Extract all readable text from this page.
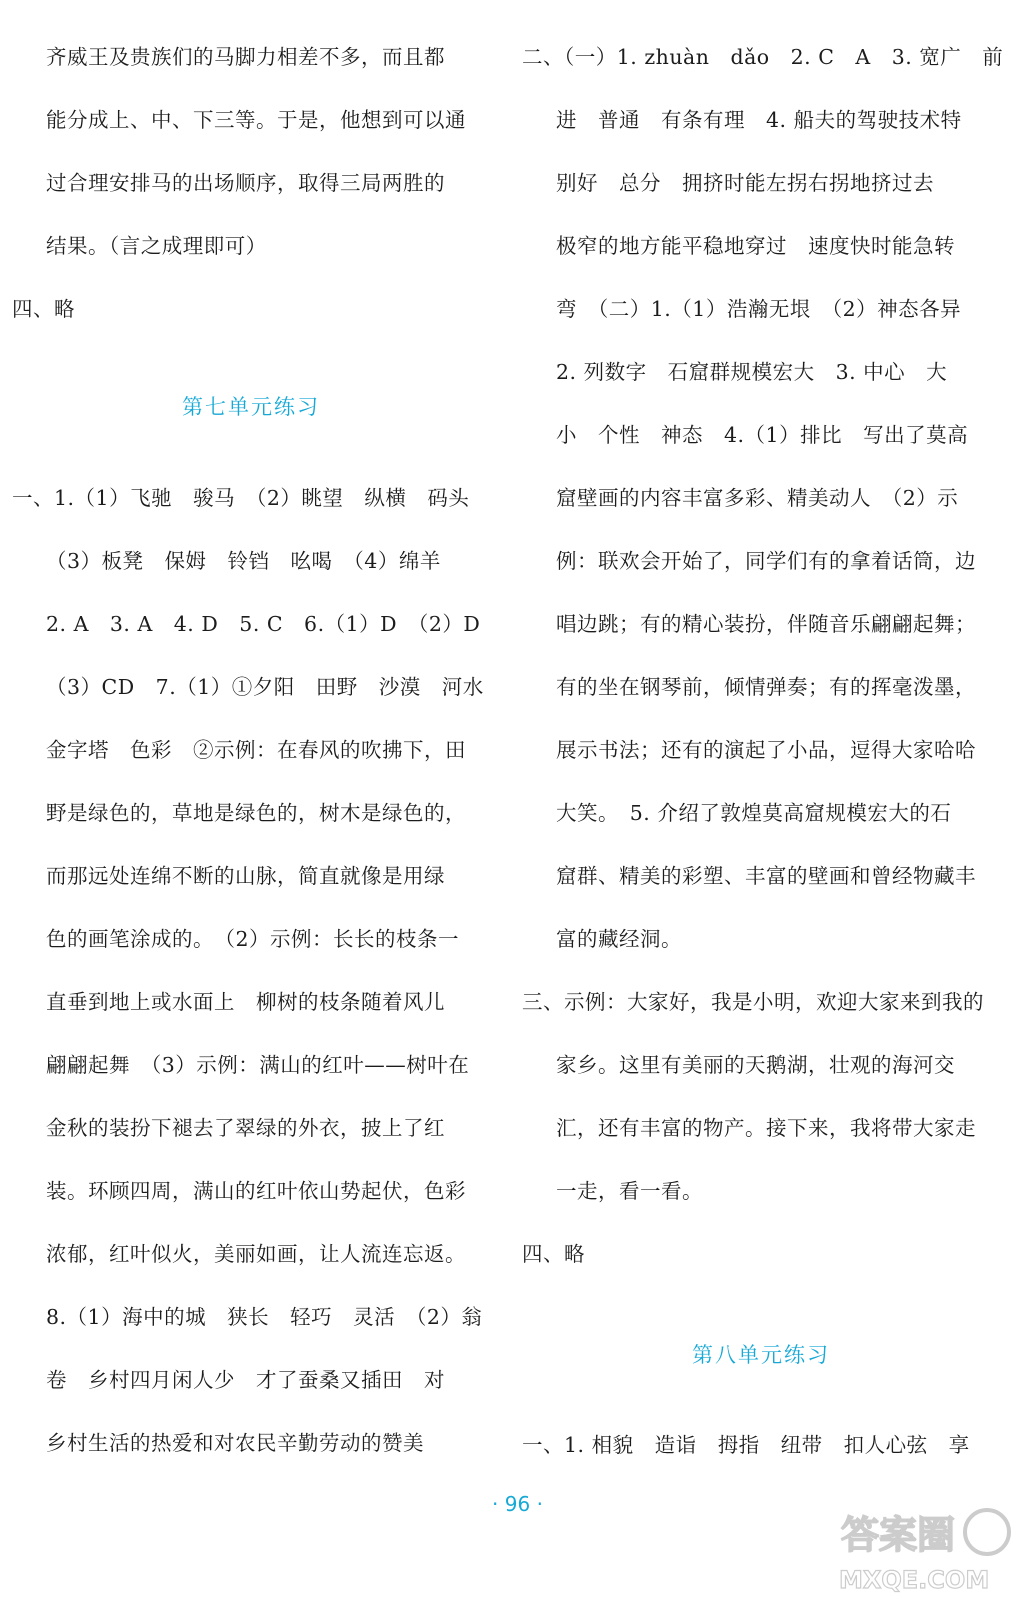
齐威王及贵族们的马脚力相差不多，而且都
能分成上、中、下三等。于是，他想到可以通
过合理安排马的出场顺序，取得三局两胜的
结果。（言之成理即可）
四、略
第七单元练习
一、1.（1）飞驰　骏马　（2）眺望　纵横　码头
（3）板凳　保姆　铃铛　吆喝　（4）绵羊
2. A　3. A　4. D　5. C　6.（1）D　（2）D
（3）CD　7.（1）①夕阳　田野　沙漠　河水
金字塔　色彩　②示例：在春风的吹拂下，田
野是绿色的，草地是绿色的，树木是绿色的，
而那远处连绵不断的山脉，简直就像是用绿
色的画笔涂成的。　（2）示例：长长的枝条一
直垂到地上或水面上　柳树的枝条随着风儿
翩翩起舞　（3）示例：满山的红叶——树叶在
金秋的装扮下褪去了翠绿的外衣，披上了红
装。环顾四周，满山的红叶依山势起伏，色彩
浓郁，红叶似火，美丽如画，让人流连忘返。
8.（1）海中的城　狭长　轻巧　灵活　（2）翁
卷　乡村四月闲人少　才了蚕桑又插田　对
乡村生活的热爱和对农民辛勤劳动的赞美
二、（一）1. zhuàn　dǎo　2. C　A　3. 宽广　前
进　普通　有条有理　4. 船夫的驾驶技术特
别好　总分　拥挤时能左拐右拐地挤过去
极窄的地方能平稳地穿过　速度快时能急转
弯　（二）1.（1）浩瀚无垠　（2）神态各异
2. 列数字　石窟群规模宏大　3. 中心　大
小　个性　神态　4.（1）排比　写出了莫高
窟壁画的内容丰富多彩、精美动人　（2）示
例：联欢会开始了，同学们有的拿着话筒，边
唱边跳；有的精心装扮，伴随音乐翩翩起舞；
有的坐在钢琴前，倾情弹奏；有的挥毫泼墨，
展示书法；还有的演起了小品，逗得大家哈哈
大笑。　5. 介绍了敦煌莫高窟规模宏大的石
窟群、精美的彩塑、丰富的壁画和曾经物藏丰
富的藏经洞。
三、示例：大家好，我是小明，欢迎大家来到我的
家乡。这里有美丽的天鹅湖，壮观的海河交
汇，还有丰富的物产。接下来，我将带大家走
一走，看一看。
四、略
第八单元练习
一、1. 相貌　造诣　拇指　纽带　扣人心弦　享
· 96 ·
答案圈
MXQE.COM
